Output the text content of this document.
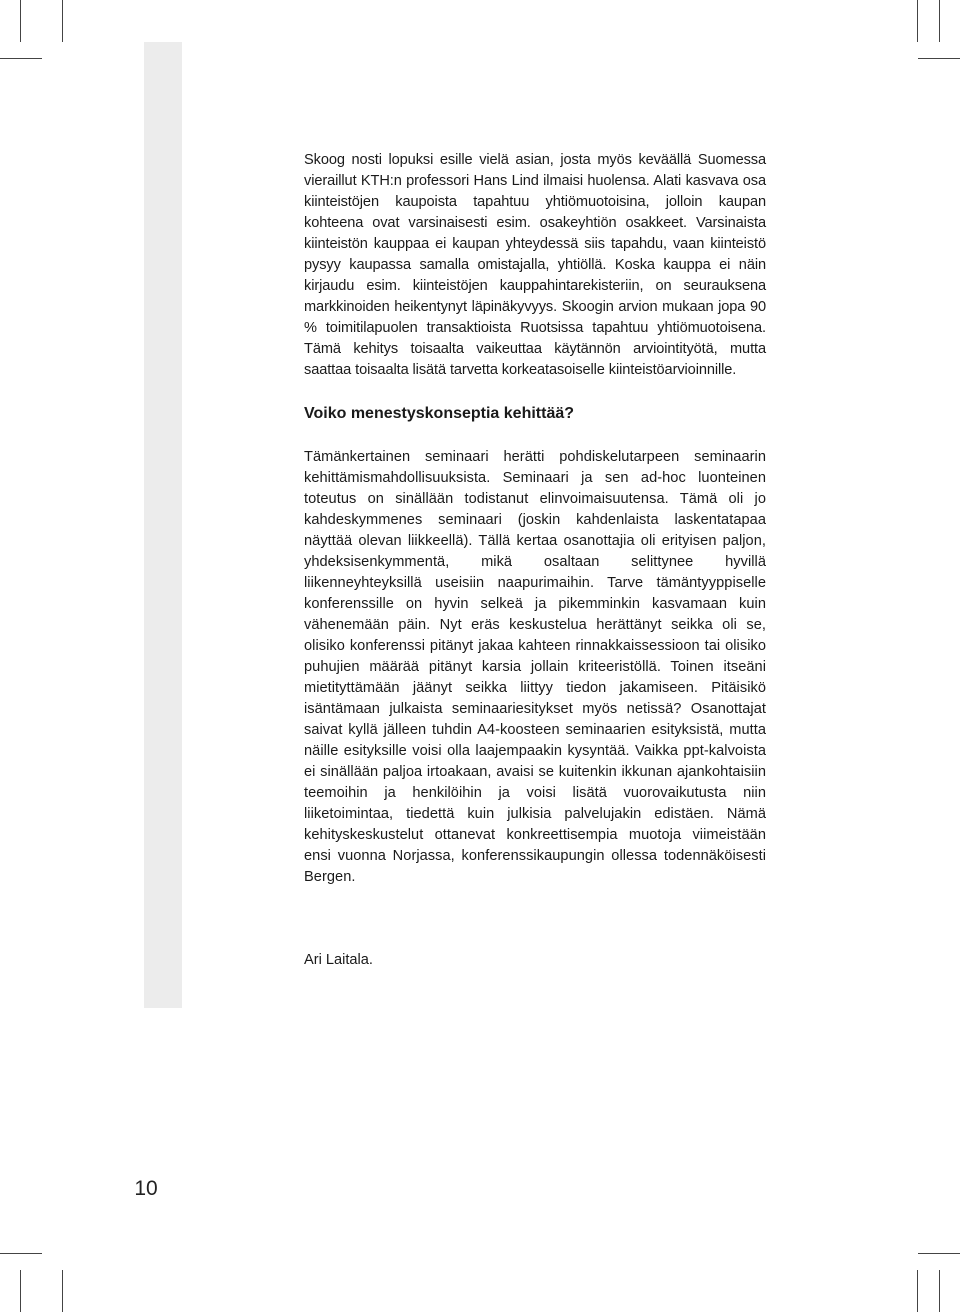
Skoog nosti lopuksi esille vielä asian, josta myös keväällä Suomessa vieraillut KTH:n professori Hans Lind ilmaisi huolensa. Alati kasvava osa kiinteistöjen kaupoista tapahtuu yhtiömuotoisina, jolloin kaupan kohteena ovat varsinaisesti esim. osakeyhtiön osakkeet. Varsinaista kiinteistön kauppaa ei kaupan yhteydessä siis tapahdu, vaan kiinteistö pysyy kaupassa samalla omistajalla, yhtiöllä. Koska kauppa ei näin kirjaudu esim. kiinteistöjen kauppahintarekisteriin, on seurauksena markkinoiden heikentynyt läpinäkyvyys. Skoogin arvion mukaan jopa 90 % toimitilapuolen transaktioista Ruotsissa tapahtuu yhtiömuotoisena. Tämä kehitys toisaalta vaikeuttaa käytännön arviointityötä, mutta saattaa toisaalta lisätä tarvetta korkeatasoiselle kiinteistöarvioinnille.

Voiko menestyskonseptia kehittää?

Tämänkertainen seminaari herätti pohdiskelutarpeen seminaarin kehittämismahdollisuuksista. Seminaari ja sen ad-hoc luonteinen toteutus on sinällään todistanut elinvoimaisuutensa. Tämä oli jo kahdeskymmenes seminaari (joskin kahdenlaista laskentatapaa näyttää olevan liikkeellä). Tällä kertaa osanottajia oli erityisen paljon, yhdeksisenkymmentä, mikä osaltaan selittynee hyvillä liikenneyhteyksillä useisiin naapurimaihin. Tarve tämäntyyppiselle konferenssille on hyvin selkeä ja pikemminkin kasvamaan kuin vähenemään päin. Nyt eräs keskustelua herättänyt seikka oli se, olisiko konferenssi pitänyt jakaa kahteen rinnakkaissessioon tai olisiko puhujien määrää pitänyt karsia jollain kriteeristöllä. Toinen itseäni mietityttämään jäänyt seikka liittyy tiedon jakamiseen. Pitäisikö isäntämaan julkaista seminaariesitykset myös netissä? Osanottajat saivat kyllä jälleen tuhdin A4-koosteen seminaarien esityksistä, mutta näille esityksille voisi olla laajempaakin kysyntää. Vaikka ppt-kalvoista ei sinällään paljoa irtoakaan, avaisi se kuitenkin ikkunan ajankohtaisiin teemoihin ja henkilöihin ja voisi lisätä vuorovaikutusta niin liiketoimintaa, tiedettä kuin julkisia palvelujakin edistäen. Nämä kehityskeskustelut ottanevat konkreettisempia muotoja viimeistään ensi vuonna Norjassa, konferenssikaupungin ollessa todennäköisesti Bergen.

Ari Laitala.
10
